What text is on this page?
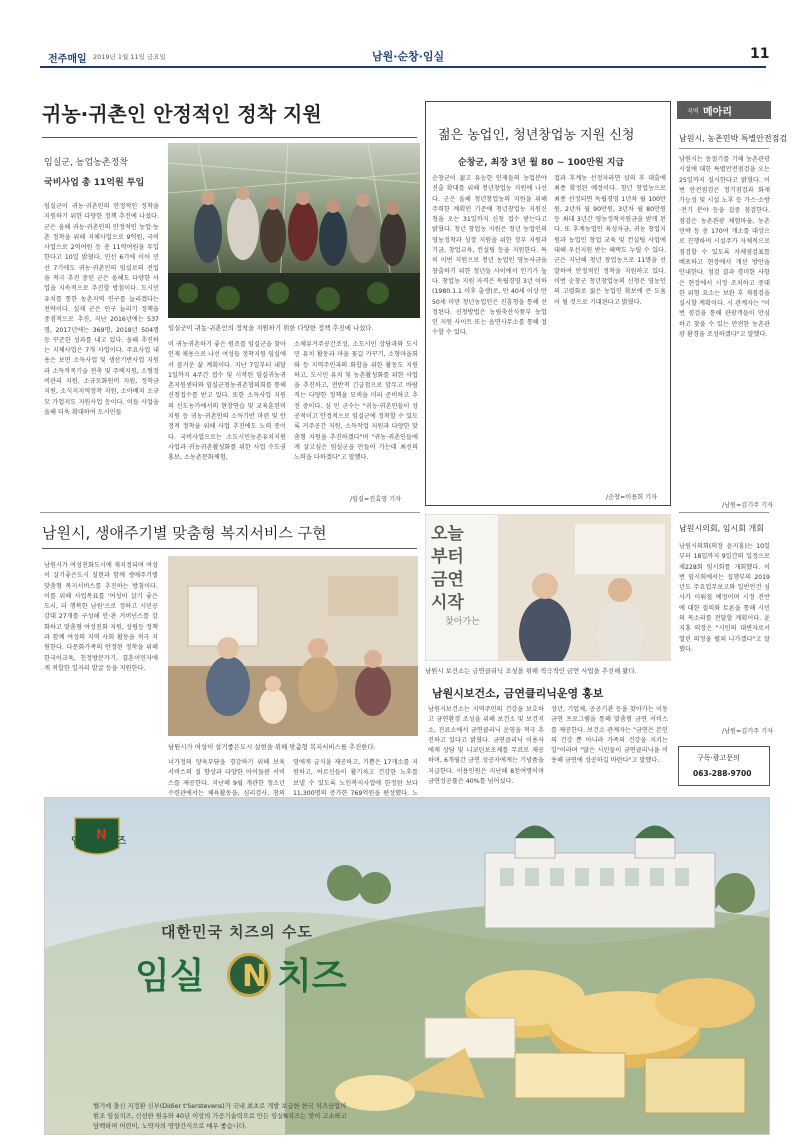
전주매일 2019년 1월 11일 금요일	남원·순창·임실	11
귀농·귀촌인 안정적인 정착 지원
임실군, 농업농촌정착
국비사업 총 11억원 투입
임실군이 귀농·귀촌인의 안정적인 정착을 지원하기 위한 다양한 정책 추진에 나섰다. 군은 올해 귀농·귀촌인의 안정적인 농업·농촌 정착을 위해 지체사업으로 9억원, 국비사업으로 2억여원 등 총 11억여원을 투입한다고 10일 밝혔다. 민선 6기에 이어 민선 7기에도 귀농·귀촌인의 임실로의 전입을 적극 추진 중인 군은 올해도 다양한 사업을 지속적으로 추진할 방침이다. 도시민 유치를 통한 농촌지역 인구를 늘리겠다는 전략이다. 실제 군은 인구 늘리기 정책을 중점적으로 추진, 지난 2016년에는 537명, 2017년에는 369명, 2018년 504명 등 꾸준한 성과를 내고 있다. 올해 추진하는 지체사업은 7개 사업이다. 주요사업 내용은 보면 소득사업 및 생산기반사업 지원과 소득작목기술 전축 및 주택지원, 소형정비관리 지원, 소규모화원비 지원, 정착금 지원, 소식지지역정착 지원, 소아배치 소규모 가업지도 지원사업 등이다. 이들 사업을 올해 더욱 확대하여 도시민들
임실군이 귀농·귀촌인의 정착을 지원하기 위한 다양한 정책 추진에 나섰다.
이 귀농귀촌하기 좋은 원조를 임실군을 찾아 인재 채용으로 나선 여성들 정착지원 임실에서 즐거운 삶 계획이다. 지난 7일부터 내달 1일까지 4주간 접수 및 시작된 임실귀농귀촌지원센터와 임실군청농귀촌협의회를 통해 신청접수를 받고 있다. 또한 소득사업 지원의 신도농가에서의 현장연습 및 교육훈련비 지원 등 귀농·귀촌인의 소득기반 마련 및 안정적 정착을 위해 사업 추진에도 노력 중이다. 국비사업으로는 소도시민농촌유치지원사업과 귀농귀촌활성화를 위한 사업 수도권 홍보, 소농촌문화체험,
소체류거주공간조성, 소도시민 상담과와 도시민 유치 활동과 마을 꽃길 가꾸기, 소형마을회와 등 지역주민과의 화합을 위한 활동도 지원하고, 도시민 유치 및 농촌활성화를 위한 사업을 추진하고, 전반적 긴급점으로 앞두고 바람직는 다양한 정책을 모색을 미리 준비하고 추진 중이다. 심 민 군수는 "귀농·귀촌인들이 성공적이고 안정적으로 임실군에 정착할 수 있도록 거주공간 지원, 소득작업 지원과 다양한 맞춤형 지원을 추진하겠다"며 "귀농·귀촌인들에게 살고싶은 임실군을 만들어 가는데 최선의 노력을 다하겠다"고 말했다.
/임실=진효영 기자
젊은 농업인, 청년창업농 지원 신청
순창군, 최장 3년 월 80 ~ 100만원 지급
순창군이 젊고 유능한 인재들의 농업분야 진출 확대를 위해 청년창업농 지원에 나선다. 군은 올해 청년창업농의 지원을 위해 주력한 계획인 기준에 청년창업농 지원신청을 오는 31일까지 신청 접수 받는다고 밝혔다. 청년 창업농 지원은 청년 농업인의 영농정착과 성장 지원을 위한 정부 지원과 기금, 창업교육, 컨설팅 등을 지원한다. 특히 이번 지원으로 청년 농업인 영농자금을 창출하기 위한 청년들 사이에서 인기가 높다. 창업농 지원 자격은 독립경영 3년 이하(1980.1.1 이후 출생)로, 만 40세 이상 만 50세 미만 청년농업인은 진흥청을 통해 선정된다. 신청방법은 농림축산식품부 농업인 지원 사이트 또는 읍면사무소를 통해 접수할 수 있다.
접과 후계농 선정자라면 심의 후 대출에 최종 확정된 예정이다. 청년 창업농으로 최종 선정되면 독립경영 1년차 월 100만원, 2년차 월 90만원, 3년차 월 80만원 등 최대 3년간 영농정착지원금을 받게 된다. 또 후계농업인 육성자금, 귀농 창업지원과 농업인 창업 교육 및 컨설팅 사업에 대해 우선지원 받는 혜택도 누릴 수 있다. 군은 지난해 청년 창업농으로 11명을 선발하여 안정적인 정착을 지원하고 있다. 이번 순창군 청년창업농의 신청은 영농인의 고령화로 젊은 농업인 확보에 큰 도움이 될 것으로 기대된다고 밝혔다.
/순창=이용희 기자
남원시, 생애주기별 맞춤형 복지서비스 구현
남원시가 여성친화도시에 재지정되며 여성이 살기좋은도시 실현과 함께 생애주기별 맞춤형 복지서비스를 추진하는 방침이다. 이를 위해 사업목표를 '여성이 살기 좋은 도시, 더 행복한 남원'으로 정하고 시민공감대 27개를 구성해 안·관 거버넌스를 강화하고 맞춤형 여성친화 지원, 성평등 정책과 함께 여성의 지역 사회 활동을 적극 지원한다. 다문화가족의 안정된 정착을 위해 한국어교육, 친정방문가기, 결혼이민자에게 적합한 일자리 발굴 등을 지원한다.
남원시가 여성이 살기좋은도시 실현을 위해 맞춤형 복지서비스를 추진한다.
너가정의 양육부담을 경감하기 위해 보육 서비스의 질 향상과 다양한 아이돌봄 서비스를 제공한다. 지난해 9월 개관한 청소년 수련관에서는 체육활동을, 심리검사, 창의
영에게 급식을 제공하고, 기쁨은 17개소를 지원하고, 어르신들이 활기차고 건강한 노후를 보낼 수 있도록 노인복지사업에 한정된 보다 11,300명의 증가한 769억원을 편성했다. 노
오늘
부터
금연
시작
찾아가는
남원시 보건소는 금연클리닉 조성을 위해 적극적인 금연 사업을 추진해 왔다.
남원시보건소, 금연클리닉운영 홍보
남원시보건소는 지역주민의 건강을 보호하고 금연환경 조성을 위해 보건소 및 보건지소, 진료소에서 금연클리닉 운영을 적극 추진하고 있다고 밝혔다. 금연클리닉 이용자에게 상담 및 니코틴보조제를 무료로 제공하며, 6개월간 금연 성공자에게는 기념품을 지급한다. 이용인원은 지난해 8천여명이며 금연성공률은 40%를 넘어섰다.
장년, 기업체, 공공기관 등을 찾아가는 이동금연 프로그램을 통해 맞춤형 금연 서비스를 제공한다. 보건소 관계자는 "금연은 본인의 건강 뿐 아니라 가족의 건강을 지키는 일"이라며 "많은 시민들이 금연클리닉을 이용해 금연에 성공하길 바란다"고 말했다.
지역 메아리
남원시, 농촌민박 특별안전점검
남원시는 동절기를 기해 농촌관광시설에 대한 특별안전점검을 오는 25일까지 실시한다고 밝혔다. 이번 안전점검은 정기점검과 화재 가능성 및 시설 노후 등 가스·소방·전기 분야 등을 집중 점검한다. 점검은 농촌관광 체험마을, 농촌민박 등 총 170여 개소를 대상으로 진행하며 시설주가 자체적으로 점검할 수 있도록 자체점검표를 배포하고 현장에서 개선 방안을 안내한다. 점검 결과 경미한 사항은 현장에서 시정 조치하고 중대한 위험 요소는 보완 후 재점검을 실시할 계획이다. 시 관계자는 "이번 점검을 통해 관광객들이 안심하고 찾을 수 있는 안전한 농촌관광 환경을 조성하겠다"고 말했다.
/남원=김기주 기자
남원시의회, 임시회 개회
남원시의회(의장 윤지홍)는 10일부터 18일까지 9일간의 일정으로 제228회 임시회를 개회했다. 이번 임시회에서는 집행부의 2019년도 주요업무보고와 일반안건 심사가 이뤄질 예정이며 시정 전반에 대한 질의와 토론을 통해 시민의 목소리를 전달할 계획이다. 윤지홍 의장은 "시민의 대변자로서 열린 의정을 펼쳐 나가겠다"고 말했다.
/남원=김기주 기자
구독·광고문의
063-288-9700
임실 N 치즈
대한민국 치즈의 수도
임실 N 치즈
벨기에 출신 지정환 신부(Didier t'Serstevens)가 국내 최초로 개발 보급한 한국 치즈산업의
원조 임실치즈, 신선한 원유와 40년 이상의 가공기술력으로 만든 임실N치즈는 맛이 고소하고
담백하며 어린이, 노약자의 영양간식으로 매우 좋습니다.
